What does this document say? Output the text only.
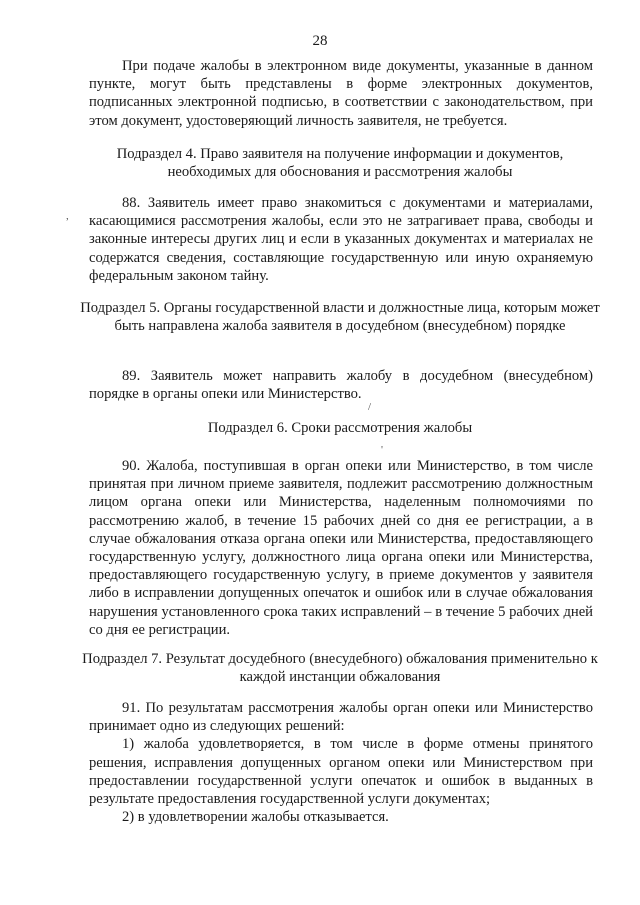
28

При подаче жалобы в электронном виде документы, указанные в данном пункте, могут быть представлены в форме электронных документов, подписанных электронной подписью, в соответствии с законодательством, при этом документ, удостоверяющий личность заявителя, не требуется.

Подраздел 4. Право заявителя на получение информации и документов, необходимых для обоснования и рассмотрения жалобы

88. Заявитель имеет право знакомиться с документами и материалами, касающимися рассмотрения жалобы, если это не затрагивает права, свободы и законные интересы других лиц и если в указанных документах и материалах не содержатся сведения, составляющие государственную или иную охраняемую федеральным законом тайну.

Подраздел 5. Органы государственной власти и должностные лица, которым может быть направлена жалоба заявителя в досудебном (внесудебном) порядке

89. Заявитель может направить жалобу в досудебном (внесудебном) порядке в органы опеки или Министерство.

Подраздел 6. Сроки рассмотрения жалобы

90. Жалоба, поступившая в орган опеки или Министерство, в том числе принятая при личном приеме заявителя, подлежит рассмотрению должностным лицом органа опеки или Министерства, наделенным полномочиями по рассмотрению жалоб, в течение 15 рабочих дней со дня ее регистрации, а в случае обжалования отказа органа опеки или Министерства, предоставляющего государственную услугу, должностного лица органа опеки или Министерства, предоставляющего государственную услугу, в приеме документов у заявителя либо в исправлении допущенных опечаток и ошибок или в случае обжалования нарушения установленного срока таких исправлений – в течение 5 рабочих дней со дня ее регистрации.

Подраздел 7. Результат досудебного (внесудебного) обжалования применительно к каждой инстанции обжалования

91. По результатам рассмотрения жалобы орган опеки или Министерство принимает одно из следующих решений:

1) жалоба удовлетворяется, в том числе в форме отмены принятого решения, исправления допущенных органом опеки или Министерством при предоставлении государственной услуги опечаток и ошибок в выданных в результате предоставления государственной услуги документах;

2) в удовлетворении жалобы отказывается.

,
/
'
